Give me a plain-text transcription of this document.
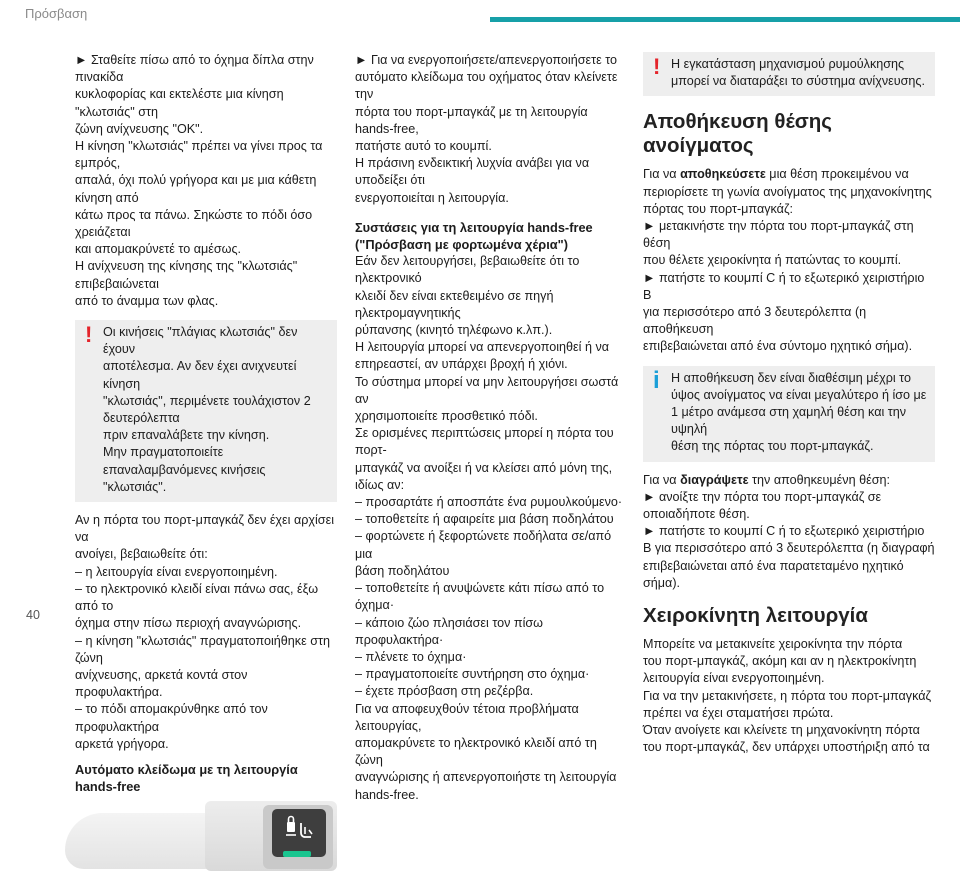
Πρόσβαση

► Σταθείτε πίσω από το όχημα δίπλα στην πινακίδα
κυκλοφορίας και εκτελέστε μια κίνηση "κλωτσιάς" στη
ζώνη ανίχνευσης "OK".
Η κίνηση "κλωτσιάς" πρέπει να γίνει προς τα εμπρός,
απαλά, όχι πολύ γρήγορα και με μια κάθετη κίνηση από
κάτω προς τα πάνω. Σηκώστε το πόδι όσο χρειάζεται
και απομακρύνετέ το αμέσως.
Η ανίχνευση της κίνησης της "κλωτσιάς" επιβεβαιώνεται
από το άναμμα των φλας.

! Οι κινήσεις "πλάγιας κλωτσιάς" δεν έχουν
αποτέλεσμα. Αν δεν έχει ανιχνευτεί κίνηση
"κλωτσιάς", περιμένετε τουλάχιστον 2 δευτερόλεπτα
πριν επαναλάβετε την κίνηση.
Μην πραγματοποιείτε επαναλαμβανόμενες κινήσεις
"κλωτσιάς".

Αν η πόρτα του πορτ-μπαγκάζ δεν έχει αρχίσει να
ανοίγει, βεβαιωθείτε ότι:
– η λειτουργία είναι ενεργοποιημένη.
– το ηλεκτρονικό κλειδί είναι πάνω σας, έξω από το
όχημα στην πίσω περιοχή αναγνώρισης.
– η κίνηση "κλωτσιάς" πραγματοποιήθηκε στη ζώνη
ανίχνευσης, αρκετά κοντά στον προφυλακτήρα.
– το πόδι απομακρύνθηκε από τον προφυλακτήρα
αρκετά γρήγορα.

Αυτόματο κλείδωμα με τη λειτουργία hands-free

► Για να ενεργοποιήσετε/απενεργοποιήσετε το
αυτόματο κλείδωμα του οχήματος όταν κλείνετε την
πόρτα του πορτ-μπαγκάζ με τη λειτουργία hands-free,
πατήστε αυτό το κουμπί.
Η πράσινη ενδεικτική λυχνία ανάβει για να υποδείξει ότι
ενεργοποιείται η λειτουργία.

Συστάσεις για τη λειτουργία hands-free
("Πρόσβαση με φορτωμένα χέρια")

Εάν δεν λειτουργήσει, βεβαιωθείτε ότι το ηλεκτρονικό
κλειδί δεν είναι εκτεθειμένο σε πηγή ηλεκτρομαγνητικής
ρύπανσης (κινητό τηλέφωνο κ.λπ.).
Η λειτουργία μπορεί να απενεργοποιηθεί ή να
επηρεαστεί, αν υπάρχει βροχή ή χιόνι.
Το σύστημα μπορεί να μην λειτουργήσει σωστά αν
χρησιμοποιείτε προσθετικό πόδι.
Σε ορισμένες περιπτώσεις μπορεί η πόρτα του πορτ-
μπαγκάζ να ανοίξει ή να κλείσει από μόνη της, ιδίως αν:
– προσαρτάτε ή αποσπάτε ένα ρυμουλκούμενο·
– τοποθετείτε ή αφαιρείτε μια βάση ποδηλάτου
– φορτώνετε ή ξεφορτώνετε ποδήλατα σε/από μια
βάση ποδηλάτου
– τοποθετείτε ή ανυψώνετε κάτι πίσω από το όχημα·
– κάποιο ζώο πλησιάσει τον πίσω προφυλακτήρα·
– πλένετε το όχημα·
– πραγματοποιείτε συντήρηση στο όχημα·
– έχετε πρόσβαση στη ρεζέρβα.
Για να αποφευχθούν τέτοια προβλήματα λειτουργίας,
απομακρύνετε το ηλεκτρονικό κλειδί από τη ζώνη
αναγνώρισης ή απενεργοποιήστε τη λειτουργία
hands-free.

! Η εγκατάσταση μηχανισμού ρυμούλκησης
μπορεί να διαταράξει το σύστημα ανίχνευσης.

Αποθήκευση θέσης ανοίγματος

Για να αποθηκεύσετε μια θέση προκειμένου να
περιορίσετε τη γωνία ανοίγματος της μηχανοκίνητης
πόρτας του πορτ-μπαγκάζ:
► μετακινήστε την πόρτα του πορτ-μπαγκάζ στη θέση
που θέλετε χειροκίνητα ή πατώντας το κουμπί.
► πατήστε το κουμπί C ή το εξωτερικό χειριστήριο B
για περισσότερο από 3 δευτερόλεπτα (η αποθήκευση
επιβεβαιώνεται από ένα σύντομο ηχητικό σήμα).

i Η αποθήκευση δεν είναι διαθέσιμη μέχρι το
ύψος ανοίγματος να είναι μεγαλύτερο ή ίσο με
1 μέτρο ανάμεσα στη χαμηλή θέση και την υψηλή
θέση της πόρτας του πορτ-μπαγκάζ.

Για να διαγράψετε την αποθηκευμένη θέση:
► ανοίξτε την πόρτα του πορτ-μπαγκάζ σε
οποιαδήποτε θέση.
► πατήστε το κουμπί C ή το εξωτερικό χειριστήριο
B για περισσότερο από 3 δευτερόλεπτα (η διαγραφή
επιβεβαιώνεται από ένα παρατεταμένο ηχητικό σήμα).

Χειροκίνητη λειτουργία

Μπορείτε να μετακινείτε χειροκίνητα την πόρτα
του πορτ-μπαγκάζ, ακόμη και αν η ηλεκτροκίνητη
λειτουργία είναι ενεργοποιημένη.
Για να την μετακινήσετε, η πόρτα του πορτ-μπαγκάζ
πρέπει να έχει σταματήσει πρώτα.
Όταν ανοίγετε και κλείνετε τη μηχανοκίνητη πόρτα
του πορτ-μπαγκάζ, δεν υπάρχει υποστήριξη από τα

40
